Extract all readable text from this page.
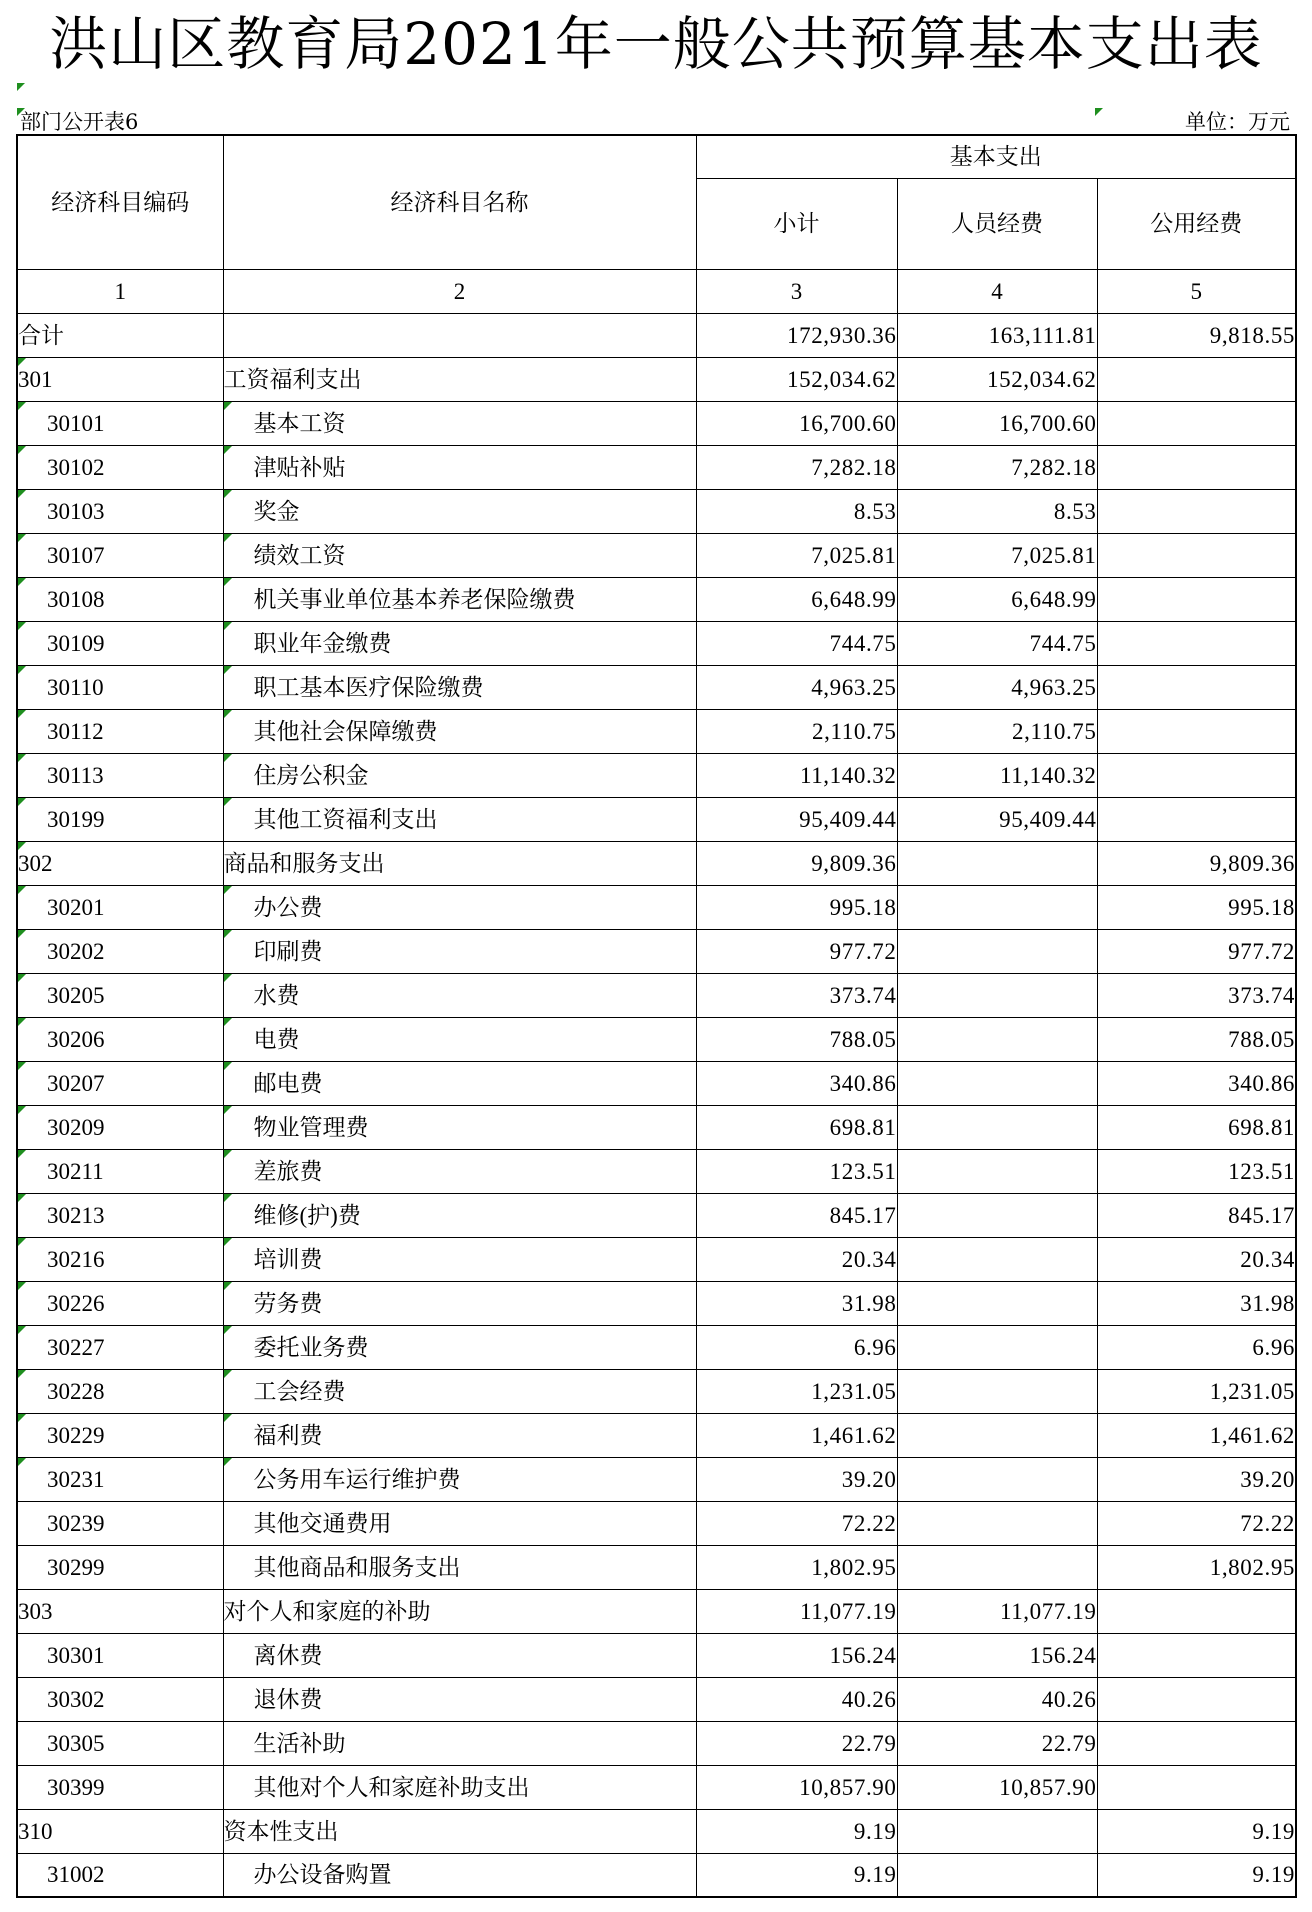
洪山区教育局2021年一般公共预算基本支出表
部门公开表6	单位：万元
经济科目编码	经济科目名称	基本支出		
		小计	人员经费	公用经费
1	2	3	4	5
合计		172,930.36	163,111.81	9,818.55
301	工资福利支出	152,034.62	152,034.62	
30101	基本工资	16,700.60	16,700.60	
30102	津贴补贴	7,282.18	7,282.18	
30103	奖金	8.53	8.53	
30107	绩效工资	7,025.81	7,025.81	
30108	机关事业单位基本养老保险缴费	6,648.99	6,648.99	
30109	职业年金缴费	744.75	744.75	
30110	职工基本医疗保险缴费	4,963.25	4,963.25	
30112	其他社会保障缴费	2,110.75	2,110.75	
30113	住房公积金	11,140.32	11,140.32	
30199	其他工资福利支出	95,409.44	95,409.44	
302	商品和服务支出	9,809.36		9,809.36
30201	办公费	995.18		995.18
30202	印刷费	977.72		977.72
30205	水费	373.74		373.74
30206	电费	788.05		788.05
30207	邮电费	340.86		340.86
30209	物业管理费	698.81		698.81
30211	差旅费	123.51		123.51
30213	维修(护)费	845.17		845.17
30216	培训费	20.34		20.34
30226	劳务费	31.98		31.98
30227	委托业务费	6.96		6.96
30228	工会经费	1,231.05		1,231.05
30229	福利费	1,461.62		1,461.62
30231	公务用车运行维护费	39.20		39.20
30239	其他交通费用	72.22		72.22
30299	其他商品和服务支出	1,802.95		1,802.95
303	对个人和家庭的补助	11,077.19	11,077.19	
30301	离休费	156.24	156.24	
30302	退休费	40.26	40.26	
30305	生活补助	22.79	22.79	
30399	其他对个人和家庭补助支出	10,857.90	10,857.90	
310	资本性支出	9.19		9.19
31002	办公设备购置	9.19		9.19
